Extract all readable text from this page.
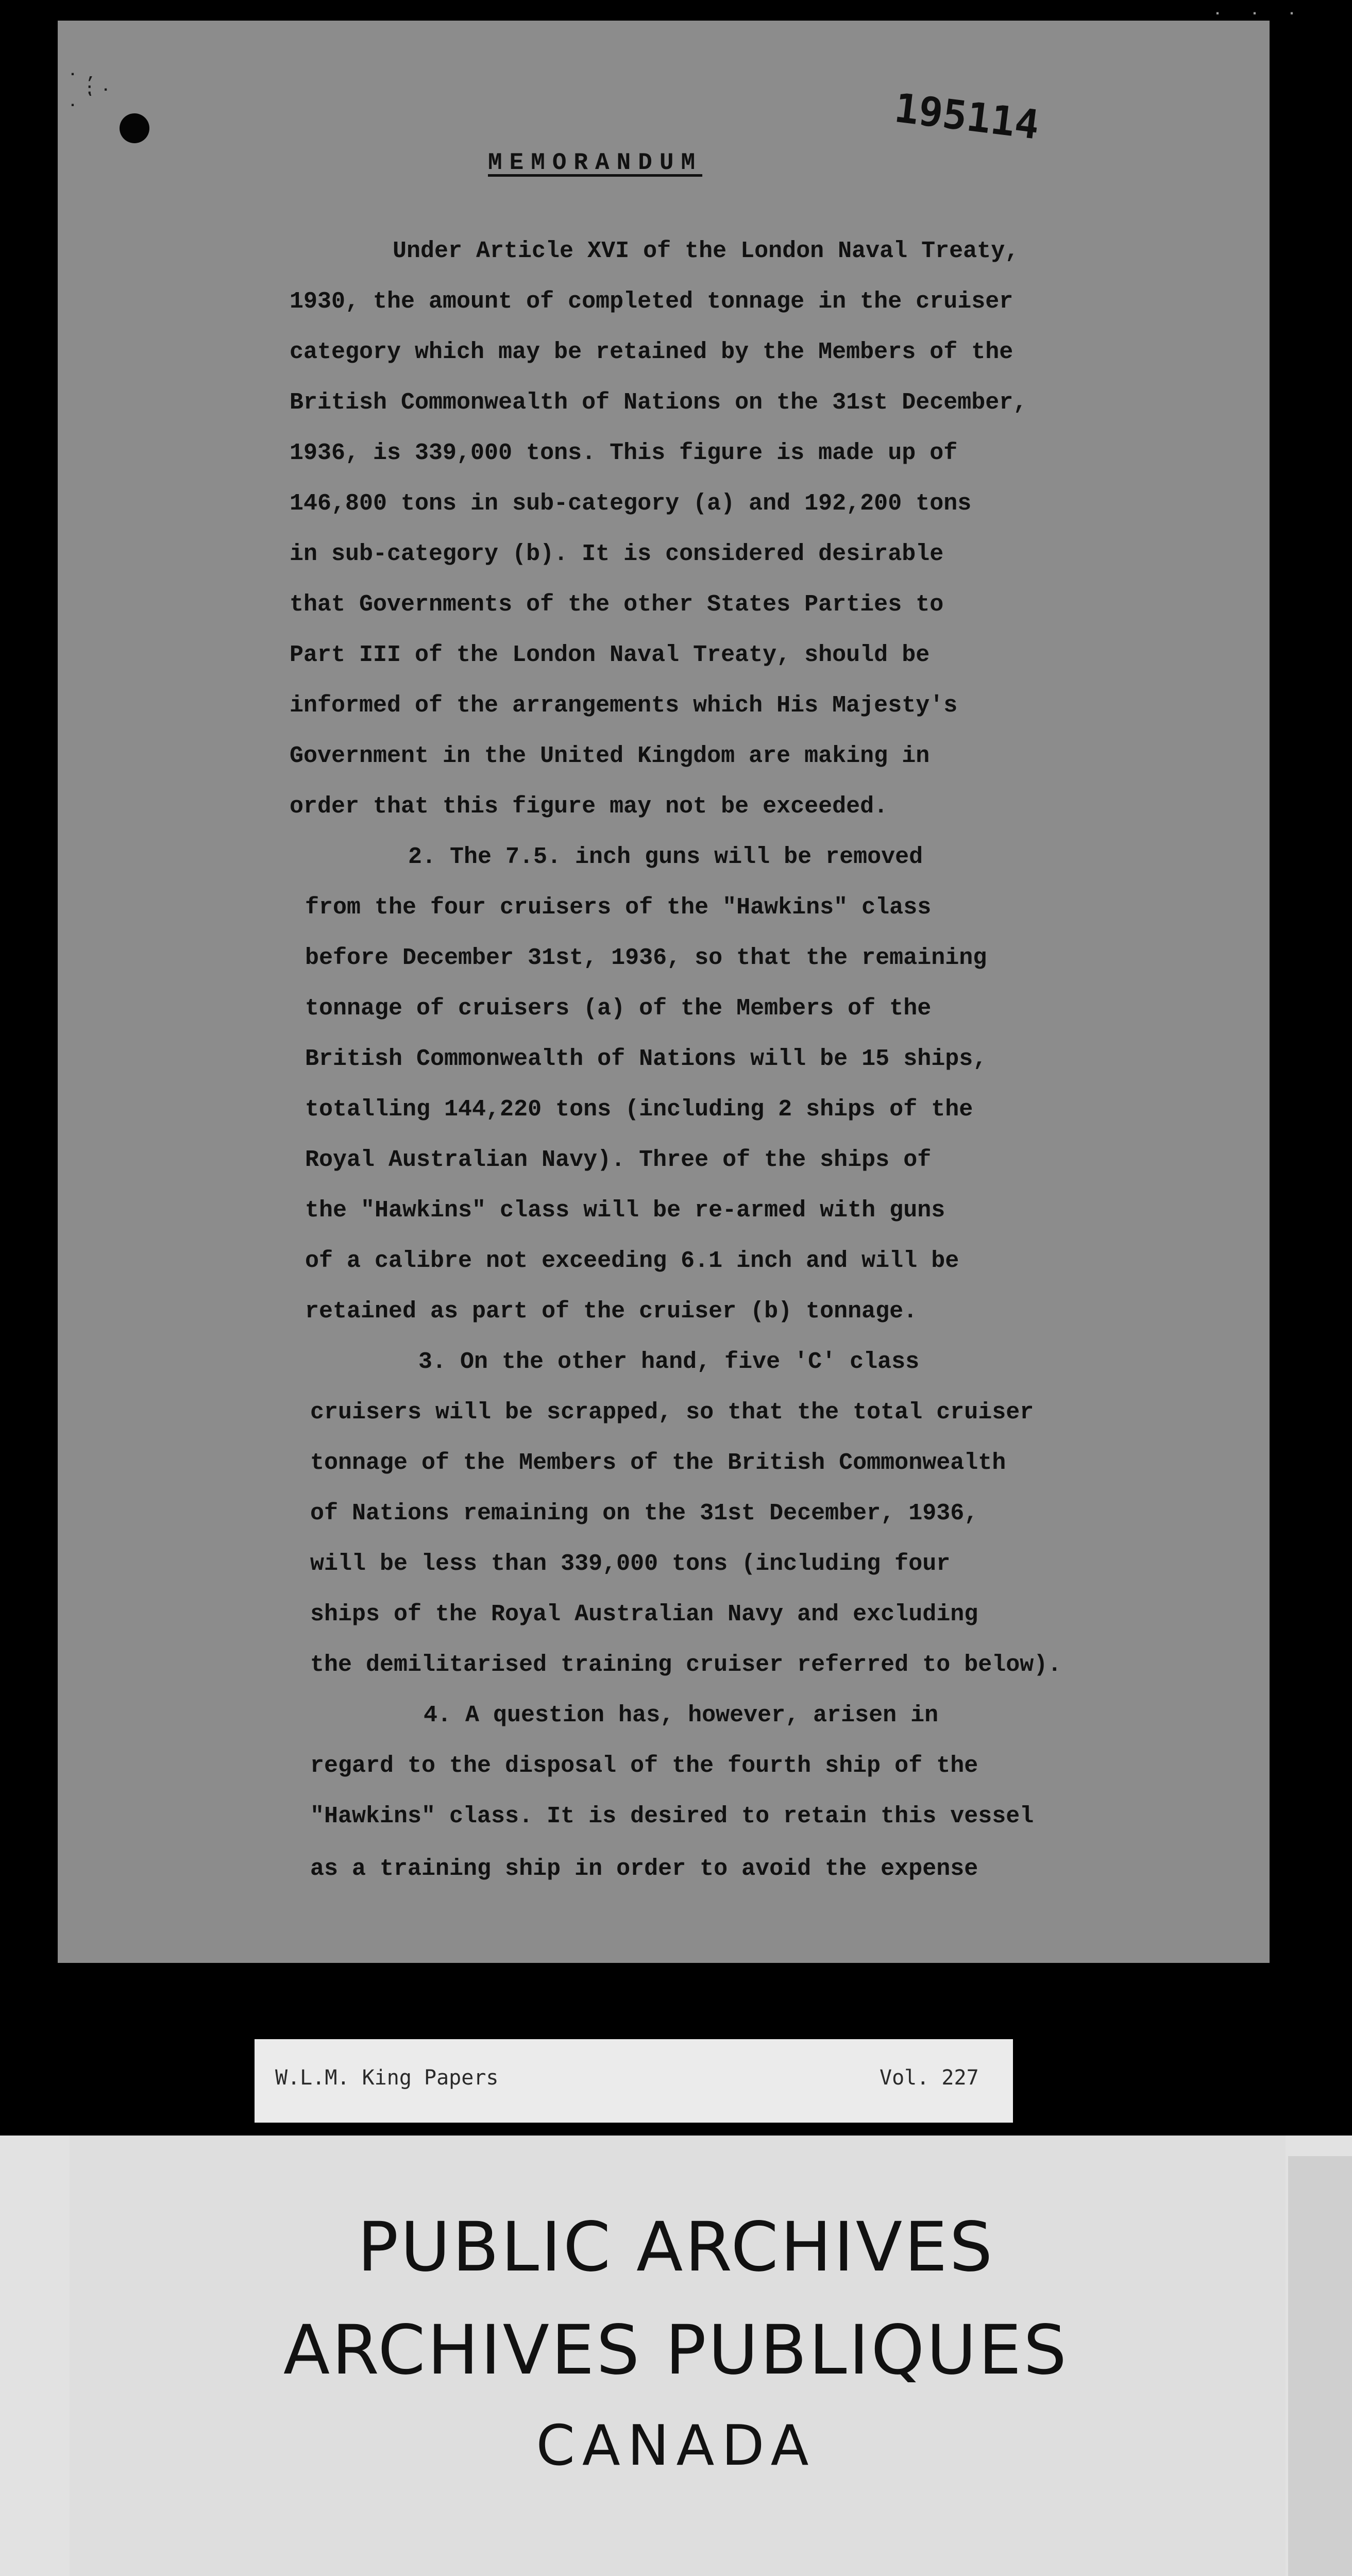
· ,
⁏ ·
·
· · ·
195114
MEMORANDUM
Under Article XVI of the London Naval Treaty,
1930, the amount of completed tonnage in the cruiser
category which may be retained by the Members of the
British Commonwealth of Nations on the 31st December,
1936, is 339,000 tons. This figure is made up of
146,800 tons in sub-category (a) and 192,200 tons
in sub-category (b). It is considered desirable
that Governments of the other States Parties to
Part III of the London Naval Treaty, should be
informed of the arrangements which His Majesty's
Government in the United Kingdom are making in
order that this figure may not be exceeded.
2. The 7.5. inch guns will be removed
from the four cruisers of the "Hawkins" class
before December 31st, 1936, so that the remaining
tonnage of cruisers (a) of the Members of the
British Commonwealth of Nations will be 15 ships,
totalling 144,220 tons (including 2 ships of the
Royal Australian Navy). Three of the ships of
the "Hawkins" class will be re-armed with guns
of a calibre not exceeding 6.1 inch and will be
retained as part of the cruiser (b) tonnage.
3. On the other hand, five 'C' class
cruisers will be scrapped, so that the total cruiser
tonnage of the Members of the British Commonwealth
of Nations remaining on the 31st December, 1936,
will be less than 339,000 tons (including four
ships of the Royal Australian Navy and excluding
the demilitarised training cruiser referred to below).
4. A question has, however, arisen in
regard to the disposal of the fourth ship of the
"Hawkins" class. It is desired to retain this vessel
as a training ship in order to avoid the expense
W.L.M. King Papers	Vol. 227
PUBLIC ARCHIVES
ARCHIVES PUBLIQUES
CANADA
